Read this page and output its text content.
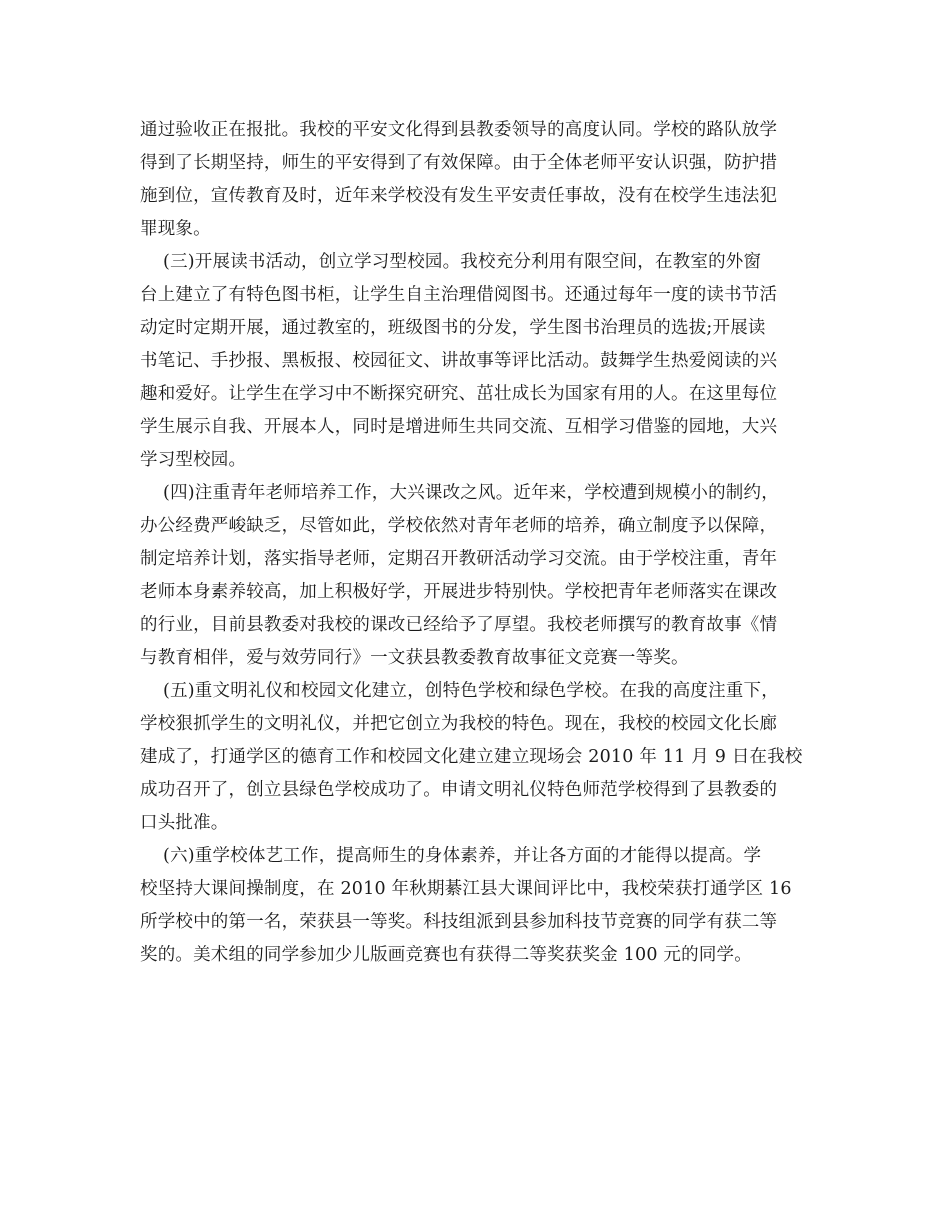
通过验收正在报批。我校的平安文化得到县教委领导的高度认同。学校的路队放学
得到了长期坚持，师生的平安得到了有效保障。由于全体老师平安认识强，防护措
施到位，宣传教育及时，近年来学校没有发生平安责任事故，没有在校学生违法犯
罪现象。
(三)开展读书活动，创立学习型校园。我校充分利用有限空间，在教室的外窗
台上建立了有特色图书柜，让学生自主治理借阅图书。还通过每年一度的读书节活
动定时定期开展，通过教室的，班级图书的分发，学生图书治理员的选拔;开展读
书笔记、手抄报、黑板报、校园征文、讲故事等评比活动。鼓舞学生热爱阅读的兴
趣和爱好。让学生在学习中不断探究研究、茁壮成长为国家有用的人。在这里每位
学生展示自我、开展本人，同时是增进师生共同交流、互相学习借鉴的园地，大兴
学习型校园。
(四)注重青年老师培养工作，大兴课改之风。近年来，学校遭到规模小的制约，
办公经费严峻缺乏，尽管如此，学校依然对青年老师的培养，确立制度予以保障，
制定培养计划，落实指导老师，定期召开教研活动学习交流。由于学校注重，青年
老师本身素养较高，加上积极好学，开展进步特别快。学校把青年老师落实在课改
的行业，目前县教委对我校的课改已经给予了厚望。我校老师撰写的教育故事《情
与教育相伴，爱与效劳同行》一文获县教委教育故事征文竞赛一等奖。
(五)重文明礼仪和校园文化建立，创特色学校和绿色学校。在我的高度注重下，
学校狠抓学生的文明礼仪，并把它创立为我校的特色。现在，我校的校园文化长廊
建成了，打通学区的德育工作和校园文化建立建立现场会 2010 年 11 月 9 日在我校
成功召开了，创立县绿色学校成功了。申请文明礼仪特色师范学校得到了县教委的
口头批准。
(六)重学校体艺工作，提高师生的身体素养，并让各方面的才能得以提高。学
校坚持大课间操制度，在 2010 年秋期綦江县大课间评比中，我校荣获打通学区 16
所学校中的第一名，荣获县一等奖。科技组派到县参加科技节竞赛的同学有获二等
奖的。美术组的同学参加少儿版画竞赛也有获得二等奖获奖金 100 元的同学。
